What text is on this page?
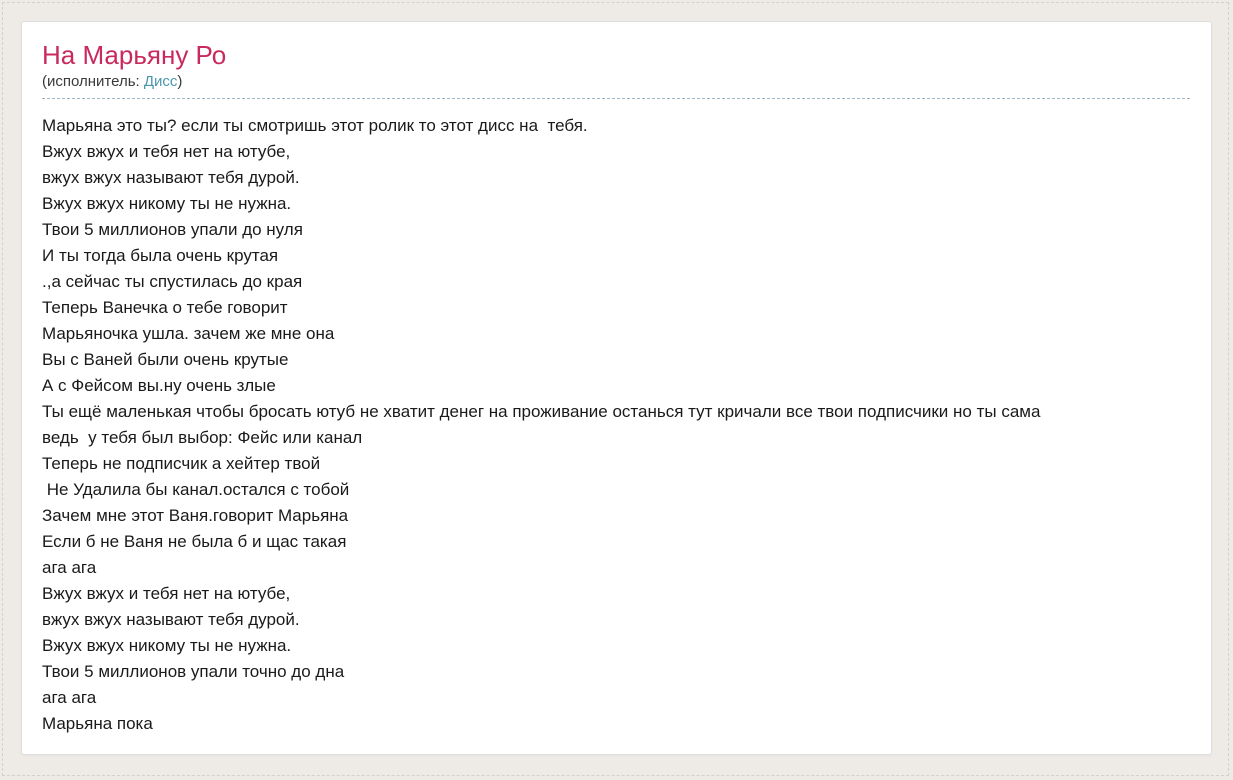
На Марьяну Ро
(исполнитель: Дисс)
Марьяна это ты? если ты смотришь этот ролик то этот дисс на  тебя.
Вжух вжух и тебя нет на ютубе,
вжух вжух называют тебя дурой.
Вжух вжух никому ты не нужна.
Твои 5 миллионов упали до нуля
И ты тогда была очень крутая
.,а сейчас ты спустилась до края
Теперь Ванечка о тебе говорит
Марьяночка ушла. зачем же мне она
Вы с Ваней были очень крутые
А с Фейсом вы.ну очень злые
Ты ещё маленькая чтобы бросать ютуб не хватит денег на проживание останься тут кричали все твои подписчики но ты сама
ведь  у тебя был выбор: Фейс или канал
Теперь не подписчик а хейтер твой
Не Удалила бы канал.остался с тобой
Зачем мне этот Ваня.говорит Марьяна
Если б не Ваня не была б и щас такая
ага ага
Вжух вжух и тебя нет на ютубе,
вжух вжух называют тебя дурой.
Вжух вжух никому ты не нужна.
Твои 5 миллионов упали точно до дна
ага ага
Марьяна пока
